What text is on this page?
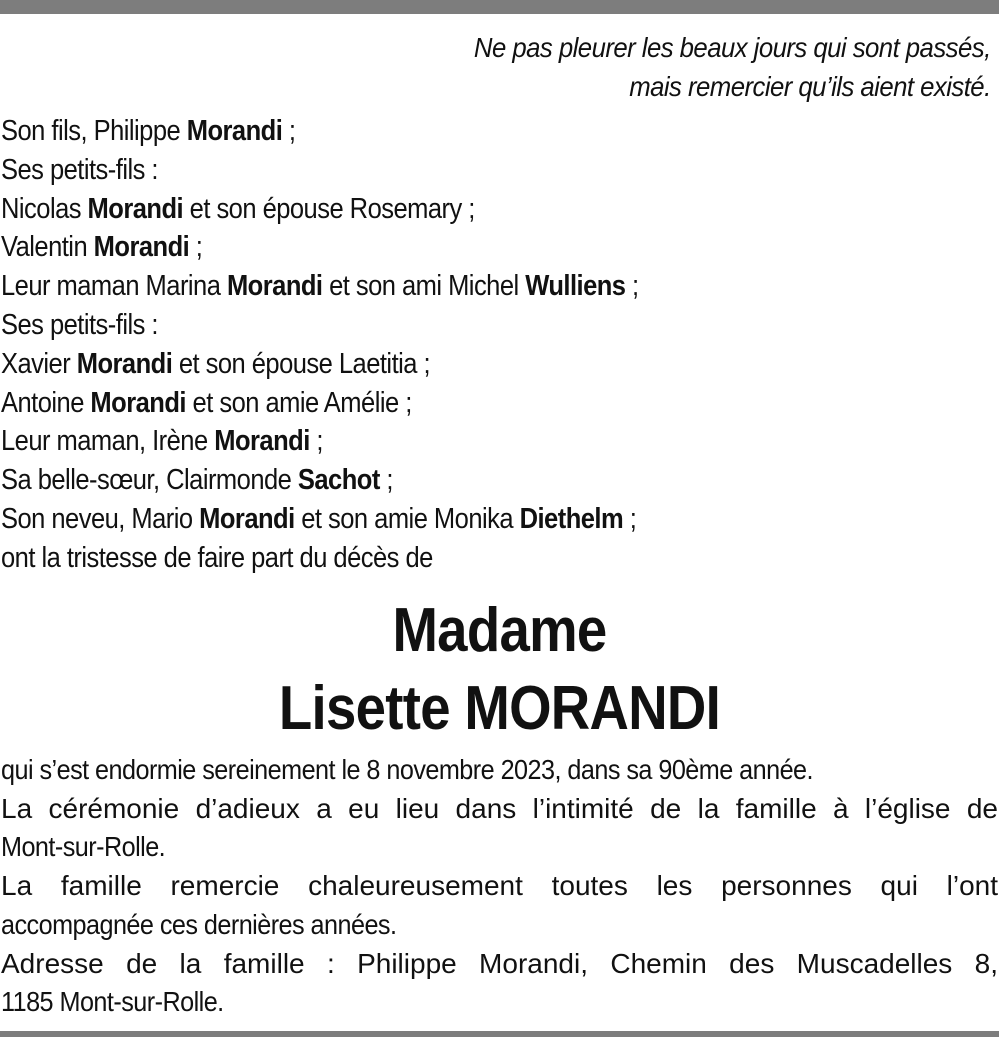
Ne pas pleurer les beaux jours qui sont passés,
mais remercier qu’ils aient existé.
Son fils, Philippe Morandi ;
Ses petits-fils :
Nicolas Morandi et son épouse Rosemary ;
Valentin Morandi ;
Leur maman Marina Morandi et son ami Michel Wulliens ;
Ses petits-fils :
Xavier Morandi et son épouse Laetitia ;
Antoine Morandi et son amie Amélie ;
Leur maman, Irène Morandi ;
Sa belle-sœur, Clairmonde Sachot ;
Son neveu, Mario Morandi et son amie Monika Diethelm ;
ont la tristesse de faire part du décès de
Madame
Lisette MORANDI
qui s’est endormie sereinement le 8 novembre 2023, dans sa 90ème année.
La cérémonie d’adieux a eu lieu dans l’intimité de la famille à l’église de
Mont-sur-Rolle.
La famille remercie chaleureusement toutes les personnes qui l’ont
accompagnée ces dernières années.
Adresse de la famille : Philippe Morandi, Chemin des Muscadelles 8,
1185 Mont-sur-Rolle.
